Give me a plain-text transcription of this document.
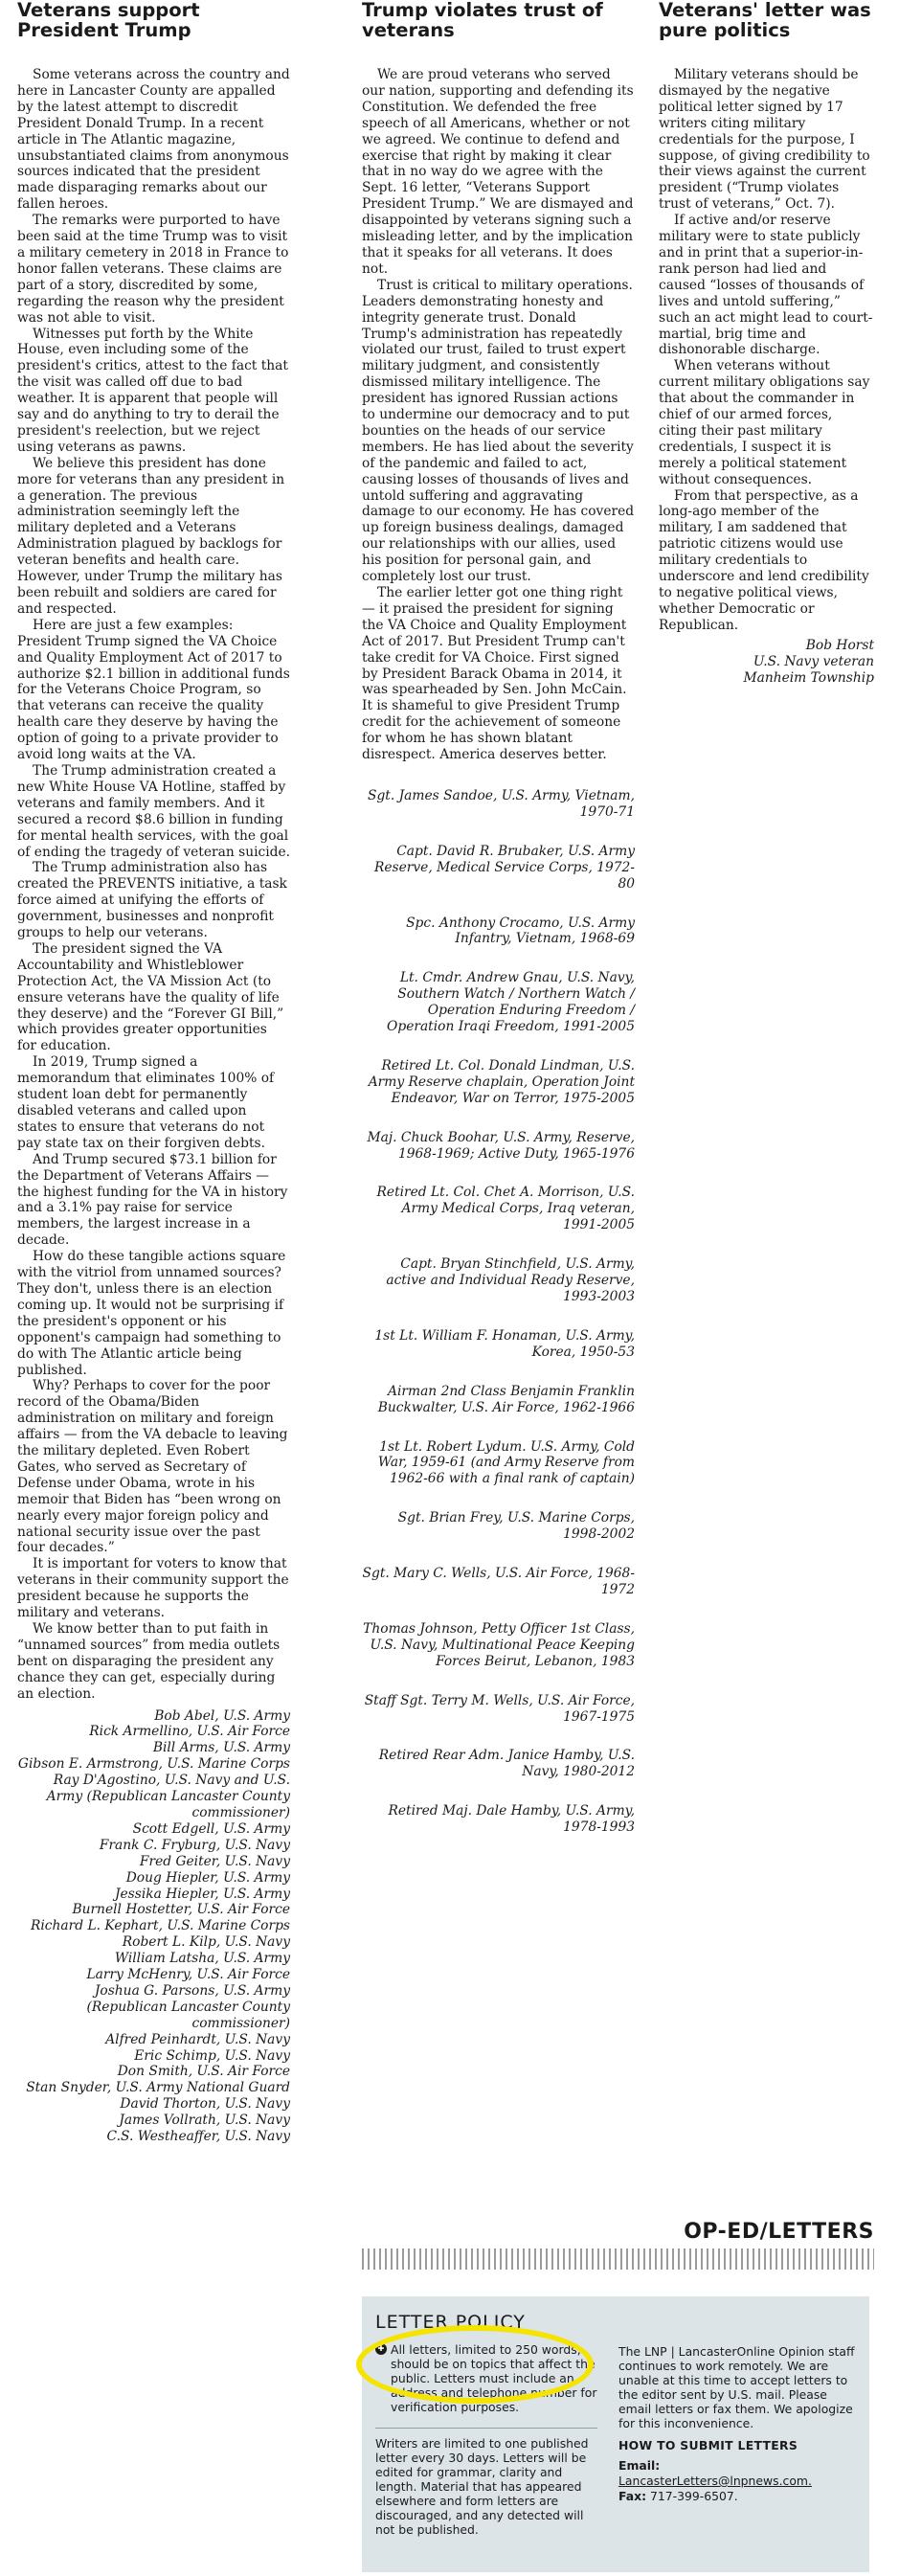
Veterans support President Trump

Some veterans across the country and here in Lancaster County are appalled by the latest attempt to discredit President Donald Trump. In a recent article in The Atlantic magazine, unsubstantiated claims from anonymous sources indicated that the president made disparaging remarks about our fallen heroes.

The remarks were purported to have been said at the time Trump was to visit a military cemetery in 2018 in France to honor fallen veterans. These claims are part of a story, discredited by some, regarding the reason why the president was not able to visit.

Witnesses put forth by the White House, even including some of the president's critics, attest to the fact that the visit was called off due to bad weather. It is apparent that people will say and do anything to try to derail the president's reelection, but we reject using veterans as pawns.

We believe this president has done more for veterans than any president in a generation. The previous administration seemingly left the military depleted and a Veterans Administration plagued by backlogs for veteran benefits and health care. However, under Trump the military has been rebuilt and soldiers are cared for and respected.

Here are just a few examples: President Trump signed the VA Choice and Quality Employment Act of 2017 to authorize $2.1 billion in additional funds for the Veterans Choice Program, so that veterans can receive the quality health care they deserve by having the option of going to a private provider to avoid long waits at the VA.

The Trump administration created a new White House VA Hotline, staffed by veterans and family members. And it secured a record $8.6 billion in funding for mental health services, with the goal of ending the tragedy of veteran suicide.

The Trump administration also has created the PREVENTS initiative, a task force aimed at unifying the efforts of government, businesses and nonprofit groups to help our veterans.

The president signed the VA Accountability and Whistleblower Protection Act, the VA Mission Act (to ensure veterans have the quality of life they deserve) and the “Forever GI Bill,” which provides greater opportunities for education.

In 2019, Trump signed a memorandum that eliminates 100% of student loan debt for permanently disabled veterans and called upon states to ensure that veterans do not pay state tax on their forgiven debts.

And Trump secured $73.1 billion for the Department of Veterans Affairs — the highest funding for the VA in history and a 3.1% pay raise for service members, the largest increase in a decade.

How do these tangible actions square with the vitriol from unnamed sources? They don't, unless there is an election coming up. It would not be surprising if the president's opponent or his opponent's campaign had something to do with The Atlantic article being published.

Why? Perhaps to cover for the poor record of the Obama/Biden administration on military and foreign affairs — from the VA debacle to leaving the military depleted. Even Robert Gates, who served as Secretary of Defense under Obama, wrote in his memoir that Biden has “been wrong on nearly every major foreign policy and national security issue over the past four decades.”

It is important for voters to know that veterans in their community support the president because he supports the military and veterans.

We know better than to put faith in “unnamed sources” from media outlets bent on disparaging the president any chance they can get, especially during an election.

Bob Abel, U.S. Army
Rick Armellino, U.S. Air Force
Bill Arms, U.S. Army
Gibson E. Armstrong, U.S. Marine Corps
Ray D'Agostino, U.S. Navy and U.S. Army (Republican Lancaster County commissioner)
Scott Edgell, U.S. Army
Frank C. Fryburg, U.S. Navy
Fred Geiter, U.S. Navy
Doug Hiepler, U.S. Army
Jessika Hiepler, U.S. Army
Burnell Hostetter, U.S. Air Force
Richard L. Kephart, U.S. Marine Corps
Robert L. Kilp, U.S. Navy
William Latsha, U.S. Army
Larry McHenry, U.S. Air Force
Joshua G. Parsons, U.S. Army (Republican Lancaster County commissioner)
Alfred Peinhardt, U.S. Navy
Eric Schimp, U.S. Navy
Don Smith, U.S. Air Force
Stan Snyder, U.S. Army National Guard
David Thorton, U.S. Navy
James Vollrath, U.S. Navy
C.S. Westheaffer, U.S. Navy
Trump violates trust of veterans

We are proud veterans who served our nation, supporting and defending its Constitution. We defended the free speech of all Americans, whether or not we agreed. We continue to defend and exercise that right by making it clear that in no way do we agree with the Sept. 16 letter, “Veterans Support President Trump.” We are dismayed and disappointed by veterans signing such a misleading letter, and by the implication that it speaks for all veterans. It does not.

Trust is critical to military operations. Leaders demonstrating honesty and integrity generate trust. Donald Trump's administration has repeatedly violated our trust, failed to trust expert military judgment, and consistently dismissed military intelligence. The president has ignored Russian actions to undermine our democracy and to put bounties on the heads of our service members. He has lied about the severity of the pandemic and failed to act, causing losses of thousands of lives and untold suffering and aggravating damage to our economy. He has covered up foreign business dealings, damaged our relationships with our allies, used his position for personal gain, and completely lost our trust.

The earlier letter got one thing right — it praised the president for signing the VA Choice and Quality Employment Act of 2017. But President Trump can't take credit for VA Choice. First signed by President Barack Obama in 2014, it was spearheaded by Sen. John McCain. It is shameful to give President Trump credit for the achievement of someone for whom he has shown blatant disrespect. America deserves better.

Sgt. James Sandoe, U.S. Army, Vietnam, 1970-71
Capt. David R. Brubaker, U.S. Army Reserve, Medical Service Corps, 1972-80
Spc. Anthony Crocamo, U.S. Army Infantry, Vietnam, 1968-69
Lt. Cmdr. Andrew Gnau, U.S. Navy, Southern Watch / Northern Watch / Operation Enduring Freedom / Operation Iraqi Freedom, 1991-2005
Retired Lt. Col. Donald Lindman, U.S. Army Reserve chaplain, Operation Joint Endeavor, War on Terror, 1975-2005
Maj. Chuck Boohar, U.S. Army, Reserve, 1968-1969; Active Duty, 1965-1976
Retired Lt. Col. Chet A. Morrison, U.S. Army Medical Corps, Iraq veteran, 1991-2005
Capt. Bryan Stinchfield, U.S. Army, active and Individual Ready Reserve, 1993-2003
1st Lt. William F. Honaman, U.S. Army, Korea, 1950-53
Airman 2nd Class Benjamin Franklin Buckwalter, U.S. Air Force, 1962-1966
1st Lt. Robert Lydum. U.S. Army, Cold War, 1959-61 (and Army Reserve from 1962-66 with a final rank of captain)
Sgt. Brian Frey, U.S. Marine Corps, 1998-2002
Sgt. Mary C. Wells, U.S. Air Force, 1968-1972
Thomas Johnson, Petty Officer 1st Class, U.S. Navy, Multinational Peace Keeping Forces Beirut, Lebanon, 1983
Staff Sgt. Terry M. Wells, U.S. Air Force, 1967-1975
Retired Rear Adm. Janice Hamby, U.S. Navy, 1980-2012
Retired Maj. Dale Hamby, U.S. Army, 1978-1993
Veterans' letter was pure politics

Military veterans should be dismayed by the negative political letter signed by 17 writers citing military credentials for the purpose, I suppose, of giving credibility to their views against the current president (“Trump violates trust of veterans,” Oct. 7).

If active and/or reserve military were to state publicly and in print that a superior-in-rank person had lied and caused “losses of thousands of lives and untold suffering,” such an act might lead to court-martial, brig time and dishonorable discharge.

When veterans without current military obligations say that about the commander in chief of our armed forces, citing their past military credentials, I suspect it is merely a political statement without consequences.

From that perspective, as a long-ago member of the military, I am saddened that patriotic citizens would use military credentials to underscore and lend credibility to negative political views, whether Democratic or Republican.

Bob Horst
U.S. Navy veteran
Manheim Township
OP-ED/LETTERS
LETTER POLICY
✚ All letters, limited to 250 words, should be on topics that affect the public. Letters must include an address and telephone number for verification purposes.

Writers are limited to one published letter every 30 days. Letters will be edited for grammar, clarity and length. Material that has appeared elsewhere and form letters are discouraged, and any detected will not be published.

The LNP | LancasterOnline Opinion staff continues to work remotely. We are unable at this time to accept letters to the editor sent by U.S. mail. Please email letters or fax them. We apologize for this inconvenience.

HOW TO SUBMIT LETTERS
Email: LancasterLetters@lnpnews.com.
Fax: 717-399-6507.
